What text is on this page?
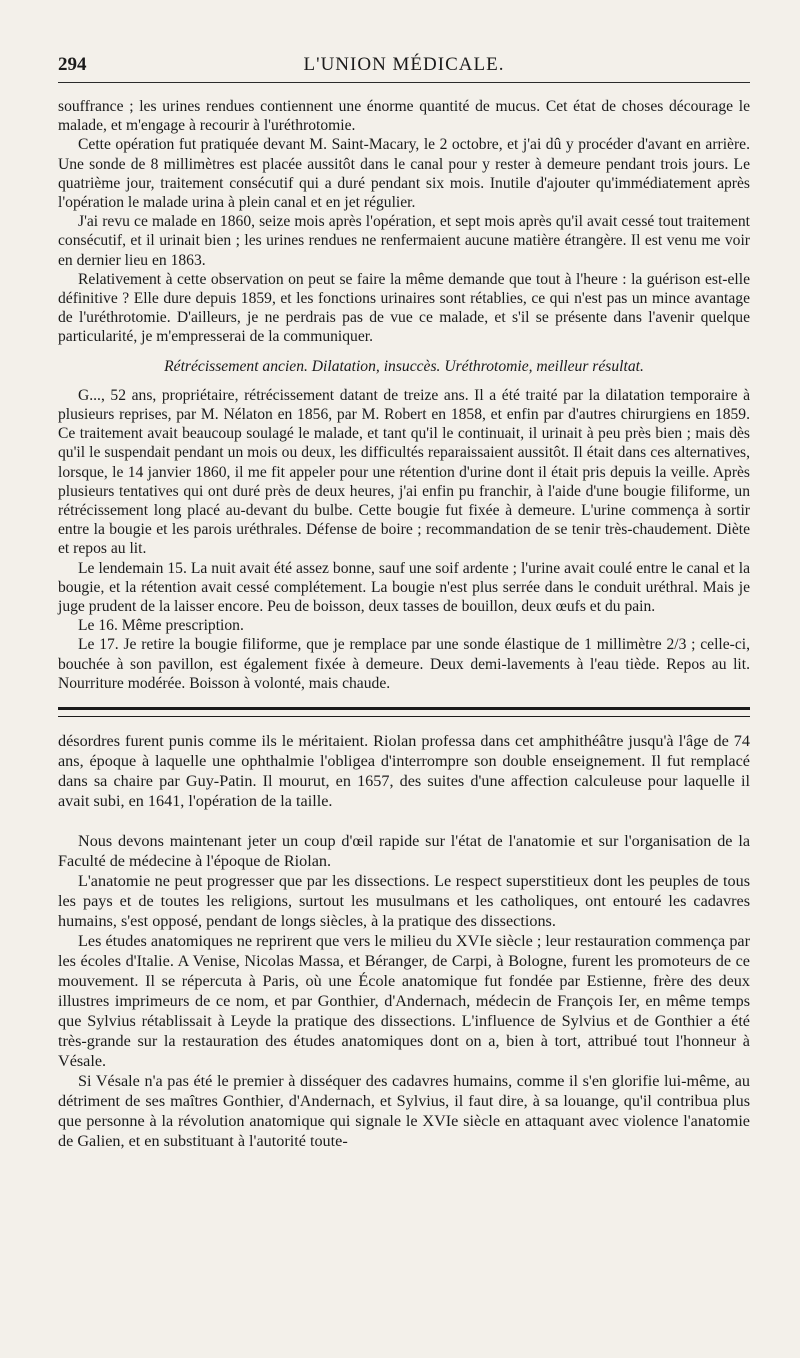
294	L'UNION MÉDICALE.

souffrance ; les urines rendues contiennent une énorme quantité de mucus. Cet état de choses décourage le malade, et m'engage à recourir à l'uréthrotomie.

Cette opération fut pratiquée devant M. Saint-Macary, le 2 octobre, et j'ai dû y procéder d'avant en arrière. Une sonde de 8 millimètres est placée aussitôt dans le canal pour y rester à demeure pendant trois jours. Le quatrième jour, traitement consécutif qui a duré pendant six mois. Inutile d'ajouter qu'immédiatement après l'opération le malade urina à plein canal et en jet régulier.

J'ai revu ce malade en 1860, seize mois après l'opération, et sept mois après qu'il avait cessé tout traitement consécutif, et il urinait bien ; les urines rendues ne renfermaient aucune matière étrangère. Il est venu me voir en dernier lieu en 1863.

Relativement à cette observation on peut se faire la même demande que tout à l'heure : la guérison est-elle définitive ? Elle dure depuis 1859, et les fonctions urinaires sont rétablies, ce qui n'est pas un mince avantage de l'uréthrotomie. D'ailleurs, je ne perdrais pas de vue ce malade, et s'il se présente dans l'avenir quelque particularité, je m'empresserai de la communiquer.

Rétrécissement ancien. Dilatation, insuccès. Uréthrotomie, meilleur résultat.

G..., 52 ans, propriétaire, rétrécissement datant de treize ans. Il a été traité par la dilatation temporaire à plusieurs reprises, par M. Nélaton en 1856, par M. Robert en 1858, et enfin par d'autres chirurgiens en 1859. Ce traitement avait beaucoup soulagé le malade, et tant qu'il le continuait, il urinait à peu près bien ; mais dès qu'il le suspendait pendant un mois ou deux, les difficultés reparaissaient aussitôt. Il était dans ces alternatives, lorsque, le 14 janvier 1860, il me fit appeler pour une rétention d'urine dont il était pris depuis la veille. Après plusieurs tentatives qui ont duré près de deux heures, j'ai enfin pu franchir, à l'aide d'une bougie filiforme, un rétrécissement long placé au-devant du bulbe. Cette bougie fut fixée à demeure. L'urine commença à sortir entre la bougie et les parois uréthrales. Défense de boire ; recommandation de se tenir très-chaudement. Diète et repos au lit.

Le lendemain 15. La nuit avait été assez bonne, sauf une soif ardente ; l'urine avait coulé entre le canal et la bougie, et la rétention avait cessé complétement. La bougie n'est plus serrée dans le conduit uréthral. Mais je juge prudent de la laisser encore. Peu de boisson, deux tasses de bouillon, deux œufs et du pain.

Le 16. Même prescription.

Le 17. Je retire la bougie filiforme, que je remplace par une sonde élastique de 1 millimètre 2/3 ; celle-ci, bouchée à son pavillon, est également fixée à demeure. Deux demi-lavements à l'eau tiède. Repos au lit. Nourriture modérée. Boisson à volonté, mais chaude.

désordres furent punis comme ils le méritaient. Riolan professa dans cet amphithéâtre jusqu'à l'âge de 74 ans, époque à laquelle une ophthalmie l'obligea d'interrompre son double enseignement. Il fut remplacé dans sa chaire par Guy-Patin. Il mourut, en 1657, des suites d'une affection calculeuse pour laquelle il avait subi, en 1641, l'opération de la taille.

Nous devons maintenant jeter un coup d'œil rapide sur l'état de l'anatomie et sur l'organisation de la Faculté de médecine à l'époque de Riolan.

L'anatomie ne peut progresser que par les dissections. Le respect superstitieux dont les peuples de tous les pays et de toutes les religions, surtout les musulmans et les catholiques, ont entouré les cadavres humains, s'est opposé, pendant de longs siècles, à la pratique des dissections.

Les études anatomiques ne reprirent que vers le milieu du XVIe siècle ; leur restauration commença par les écoles d'Italie. A Venise, Nicolas Massa, et Béranger, de Carpi, à Bologne, furent les promoteurs de ce mouvement. Il se répercuta à Paris, où une École anatomique fut fondée par Estienne, frère des deux illustres imprimeurs de ce nom, et par Gonthier, d'Andernach, médecin de François Ier, en même temps que Sylvius rétablissait à Leyde la pratique des dissections. L'influence de Sylvius et de Gonthier a été très-grande sur la restauration des études anatomiques dont on a, bien à tort, attribué tout l'honneur à Vésale.

Si Vésale n'a pas été le premier à disséquer des cadavres humains, comme il s'en glorifie lui-même, au détriment de ses maîtres Gonthier, d'Andernach, et Sylvius, il faut dire, à sa louange, qu'il contribua plus que personne à la révolution anatomique qui signale le XVIe siècle en attaquant avec violence l'anatomie de Galien, et en substituant à l'autorité toute-
